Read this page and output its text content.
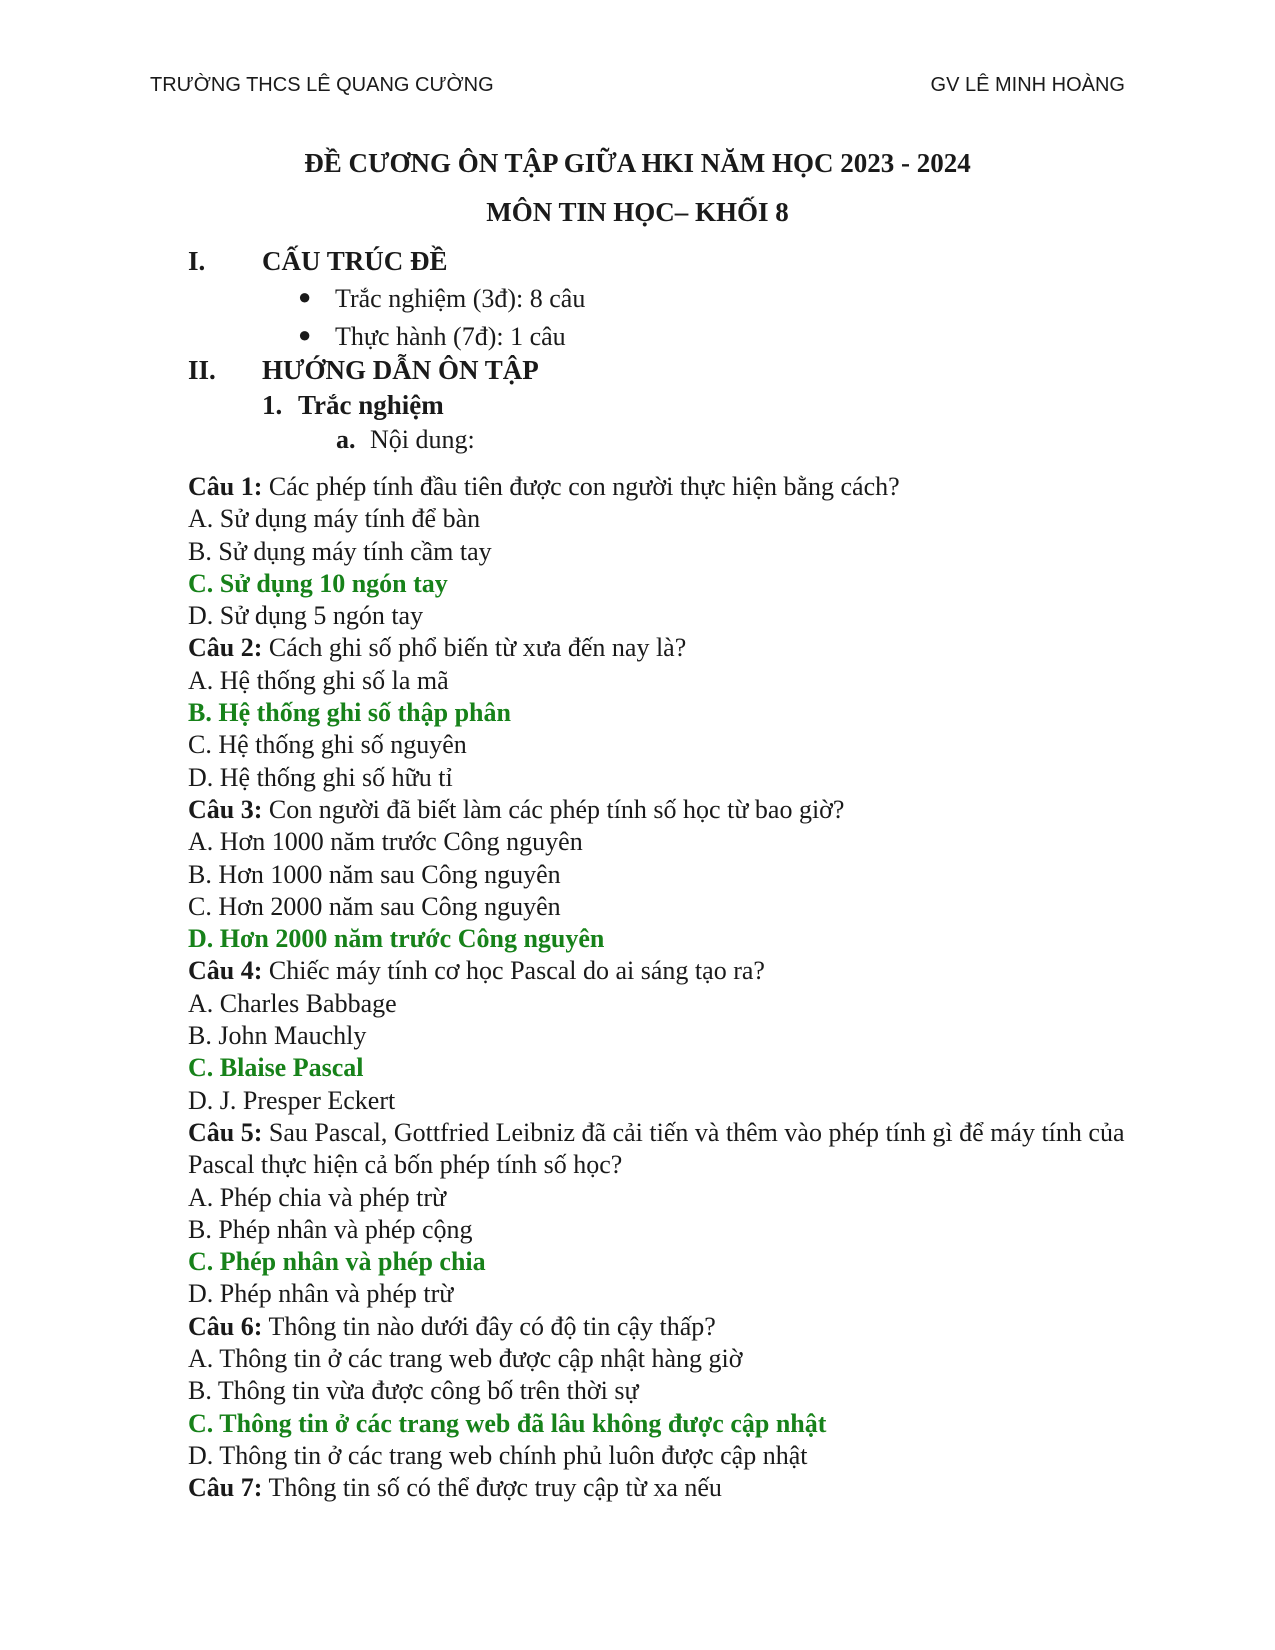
TRƯỜNG THCS LÊ QUANG CƯỜNG	GV LÊ MINH HOÀNG
ĐỀ CƯƠNG ÔN TẬP GIỮA HKI NĂM HỌC 2023 - 2024
MÔN TIN HỌC– KHỐI 8
I. CẤU TRÚC ĐỀ
● Trắc nghiệm (3đ): 8 câu
● Thực hành (7đ): 1 câu
II. HƯỚNG DẪN ÔN TẬP
1. Trắc nghiệm
a. Nội dung:
Câu 1: Các phép tính đầu tiên được con người thực hiện bằng cách?
A. Sử dụng máy tính để bàn
B. Sử dụng máy tính cầm tay
C. Sử dụng 10 ngón tay
D. Sử dụng 5 ngón tay
Câu 2: Cách ghi số phổ biến từ xưa đến nay là?
A. Hệ thống ghi số la mã
B. Hệ thống ghi số thập phân
C. Hệ thống ghi số nguyên
D. Hệ thống ghi số hữu tỉ
Câu 3: Con người đã biết làm các phép tính số học từ bao giờ?
A. Hơn 1000 năm trước Công nguyên
B. Hơn 1000 năm sau Công nguyên
C. Hơn 2000 năm sau Công nguyên
D. Hơn 2000 năm trước Công nguyên
Câu 4: Chiếc máy tính cơ học Pascal do ai sáng tạo ra?
A. Charles Babbage
B. John Mauchly
C. Blaise Pascal
D. J. Presper Eckert
Câu 5: Sau Pascal, Gottfried Leibniz đã cải tiến và thêm vào phép tính gì để máy tính của Pascal thực hiện cả bốn phép tính số học?
A. Phép chia và phép trừ
B. Phép nhân và phép cộng
C. Phép nhân và phép chia
D. Phép nhân và phép trừ
Câu 6: Thông tin nào dưới đây có độ tin cậy thấp?
A. Thông tin ở các trang web được cập nhật hàng giờ
B. Thông tin vừa được công bố trên thời sự
C. Thông tin ở các trang web đã lâu không được cập nhật
D. Thông tin ở các trang web chính phủ luôn được cập nhật
Câu 7: Thông tin số có thể được truy cập từ xa nếu
